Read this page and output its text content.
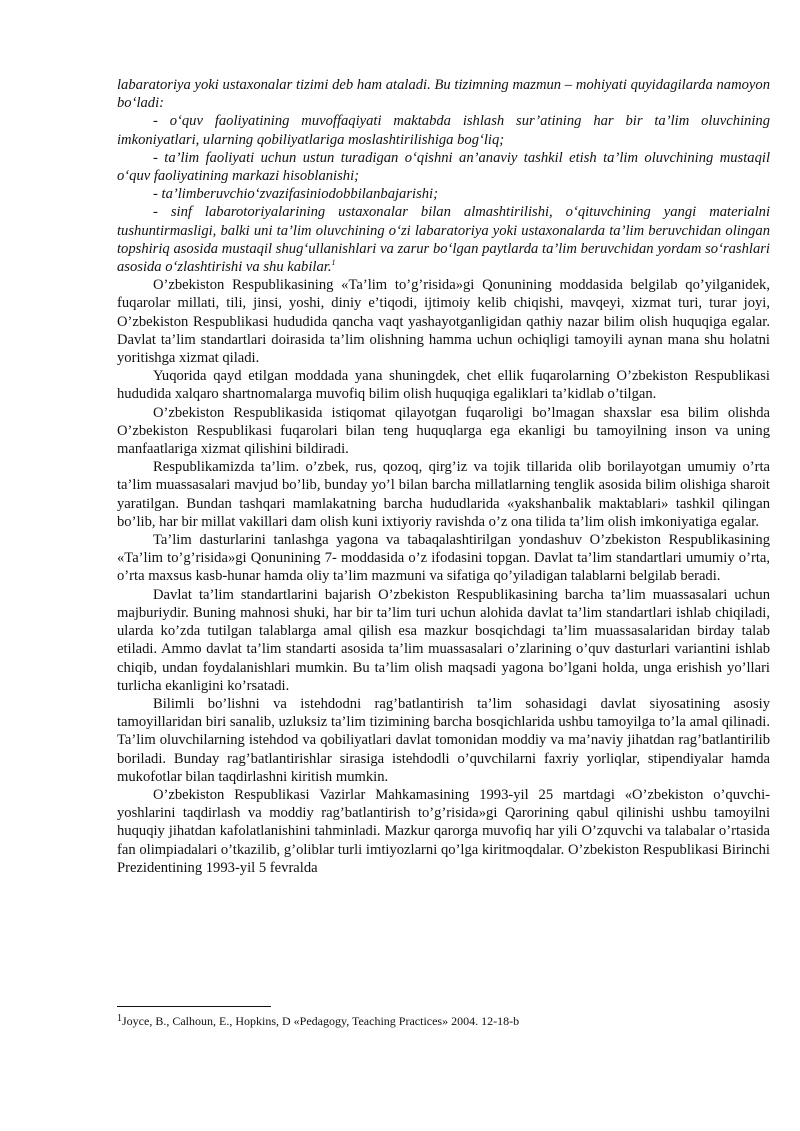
labaratoriya yoki ustaxonalar tizimi deb ham ataladi. Bu tizimning mazmun – mohiyati quyidagilarda namoyon bo‘ladi:

- o‘quv faoliyatining muvoffaqiyati maktabda ishlash sur’atining har bir ta’lim oluvchining imkoniyatlari, ularning qobiliyatlariga moslashtirilishiga bog‘liq;

- ta’lim faoliyati uchun ustun turadigan o‘qishni an’anaviy tashkil etish ta’lim oluvchining mustaqil o‘quv faoliyatining markazi hisoblanishi;

- ta’limberuvchio‘zvazifasiniodobbilanbajarishi;

- sinf labarotoriyalarining ustaxonalar bilan almashtirilishi, o‘qituvchining yangi materialni tushuntirmasligi, balki uni ta’lim oluvchining o‘zi labaratoriya yoki ustaxonalarda ta’lim beruvchidan olingan topshiriq asosida mustaqil shug‘ullanishlari va zarur bo‘lgan paytlarda ta’lim beruvchidan yordam so‘rashlari asosida o‘zlashtirishi va shu kabilar.$^1$

O’zbekiston Respublikasining «Ta’lim to’g’risida»gi Qonunining moddasida belgilab qo’yilganidek, fuqarolar millati, tili, jinsi, yoshi, diniy e’tiqodi, ijtimoiy kelib chiqishi, mavqeyi, xizmat turi, turar joyi, O’zbekiston Respublikasi hududida qancha vaqt yashayotganligidan qathiy nazar bilim olish huquqiga egalar. Davlat ta’lim standartlari doirasida ta’lim olishning hamma uchun ochiqligi tamoyili aynan mana shu holatni yoritishga xizmat qiladi.

Yuqorida qayd etilgan moddada yana shuningdek, chet ellik fuqarolarning O’zbekiston Respublikasi hududida xalqaro shartnomalarga muvofiq bilim olish huquqiga egaliklari ta’kidlab o’tilgan.

O’zbekiston Respublikasida istiqomat qilayotgan fuqaroligi bo’lmagan shaxslar esa bilim olishda O’zbekiston Respublikasi fuqarolari bilan teng huquqlarga ega ekanligi bu tamoyilning inson va uning manfaatlariga xizmat qilishini bildiradi.

Respublikamizda ta’lim. o’zbek, rus, qozoq, qirg’iz va tojik tillarida olib borilayotgan umumiy o’rta ta’lim muassasalari mavjud bo’lib, bunday yo’l bilan barcha millatlarning tenglik asosida bilim olishiga sharoit yaratilgan. Bundan tashqari mamlakatning barcha hududlarida «yakshanbalik maktablari» tashkil qilingan bo’lib, har bir millat vakillari dam olish kuni ixtiyoriy ravishda o’z ona tilida ta’lim olish imkoniyatiga egalar.

Ta’lim dasturlarini tanlashga yagona va tabaqalashtirilgan yondashuv O’zbekiston Respublikasining «Ta’lim to’g’risida»gi Qonunining 7- moddasida o’z ifodasini topgan. Davlat ta’lim standartlari umumiy o’rta, o’rta maxsus kasb-hunar hamda oliy ta’lim mazmuni va sifatiga qo’yiladigan talablarni belgilab beradi.

Davlat ta’lim standartlarini bajarish O’zbekiston Respublikasining barcha ta’lim muassasalari uchun majburiydir. Buning mahnosi shuki, har bir ta’lim turi uchun alohida davlat ta’lim standartlari ishlab chiqiladi, ularda ko’zda tutilgan talablarga amal qilish esa mazkur bosqichdagi ta’lim muassasalaridan birday talab etiladi. Ammo davlat ta’lim standarti asosida ta’lim muassasalari o’zlarining o’quv dasturlari variantini ishlab chiqib, undan foydalanishlari mumkin. Bu ta’lim olish maqsadi yagona bo’lgani holda, unga erishish yo’llari turlicha ekanligini ko’rsatadi.

Bilimli bo’lishni va istehdodni rag’batlantirish ta’lim sohasidagi davlat siyosatining asosiy tamoyillaridan biri sanalib, uzluksiz ta’lim tizimining barcha bosqichlarida ushbu tamoyilga to’la amal qilinadi. Ta’lim oluvchilarning istehdod va qobiliyatlari davlat tomonidan moddiy va ma’naviy jihatdan rag’batlantirilib boriladi. Bunday rag’batlantirishlar sirasiga istehdodli o’quvchilarni faxriy yorliqlar, stipendiyalar hamda mukofotlar bilan taqdirlashni kiritish mumkin.

O’zbekiston Respublikasi Vazirlar Mahkamasining 1993-yil 25 martdagi «O’zbekiston o’quvchi-yoshlarini taqdirlash va moddiy rag’batlantirish to’g’risida»gi Qarorining qabul qilinishi ushbu tamoyilni huquqiy jihatdan kafolatlanishini tahminladi. Mazkur qarorga muvofiq har yili O’zquvchi va talabalar o’rtasida fan olimpiadalari o’tkazilib, g’oliblar turli imtiyozlarni qo’lga kiritmoqdalar. O’zbekiston Respublikasi Birinchi Prezidentining 1993-yil 5 fevralda

$^1$Joyce, B., Calhoun, E., Hopkins, D «Pedagogy, Teaching Practices» 2004. 12-18-b
